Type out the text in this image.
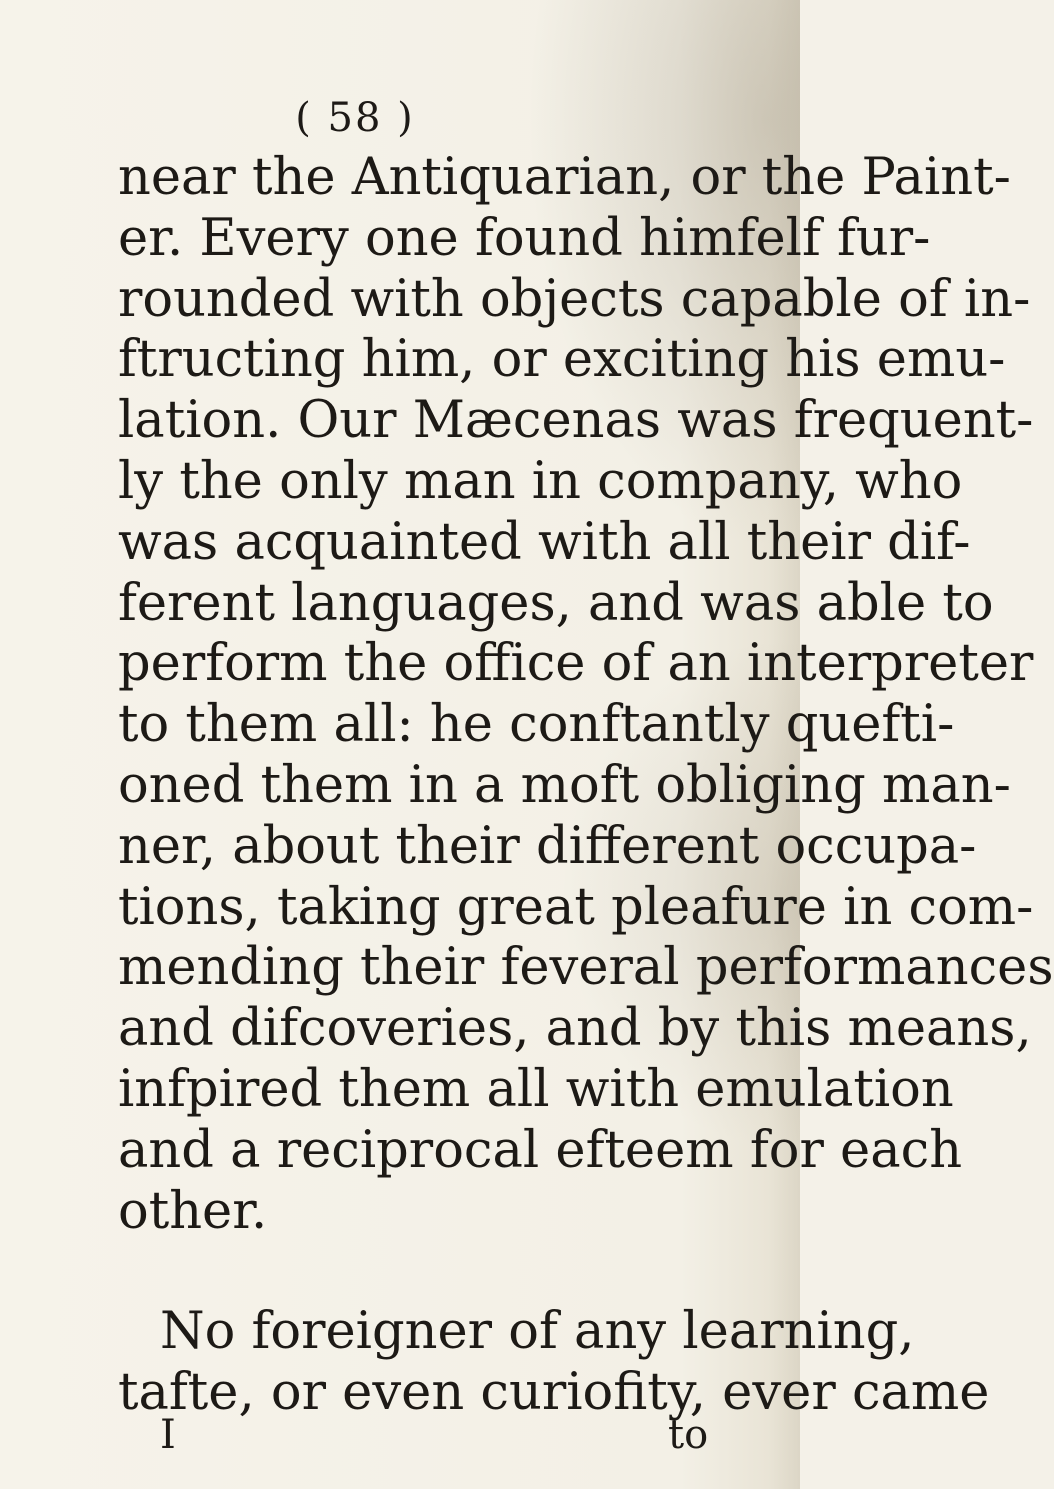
( 58 )
near the Antiquarian, or the Paint-
er. Every one found himfelf fur-
rounded with objects capable of in-
ftructing him, or exciting his emu-
lation. Our Mæcenas was frequent-
ly the only man in company, who
was acquainted with all their dif-
ferent languages, and was able to
perform the office of an interpreter
to them all: he conftantly quefti-
oned them in a moft obliging man-
ner, about their different occupa-
tions, taking great pleafure in com-
mending their feveral performances
and difcoveries, and by this means,
infpired them all with emulation
and a reciprocal efteem for each
other.
No foreigner of any learning,
tafte, or even curiofity, ever came
I	to
